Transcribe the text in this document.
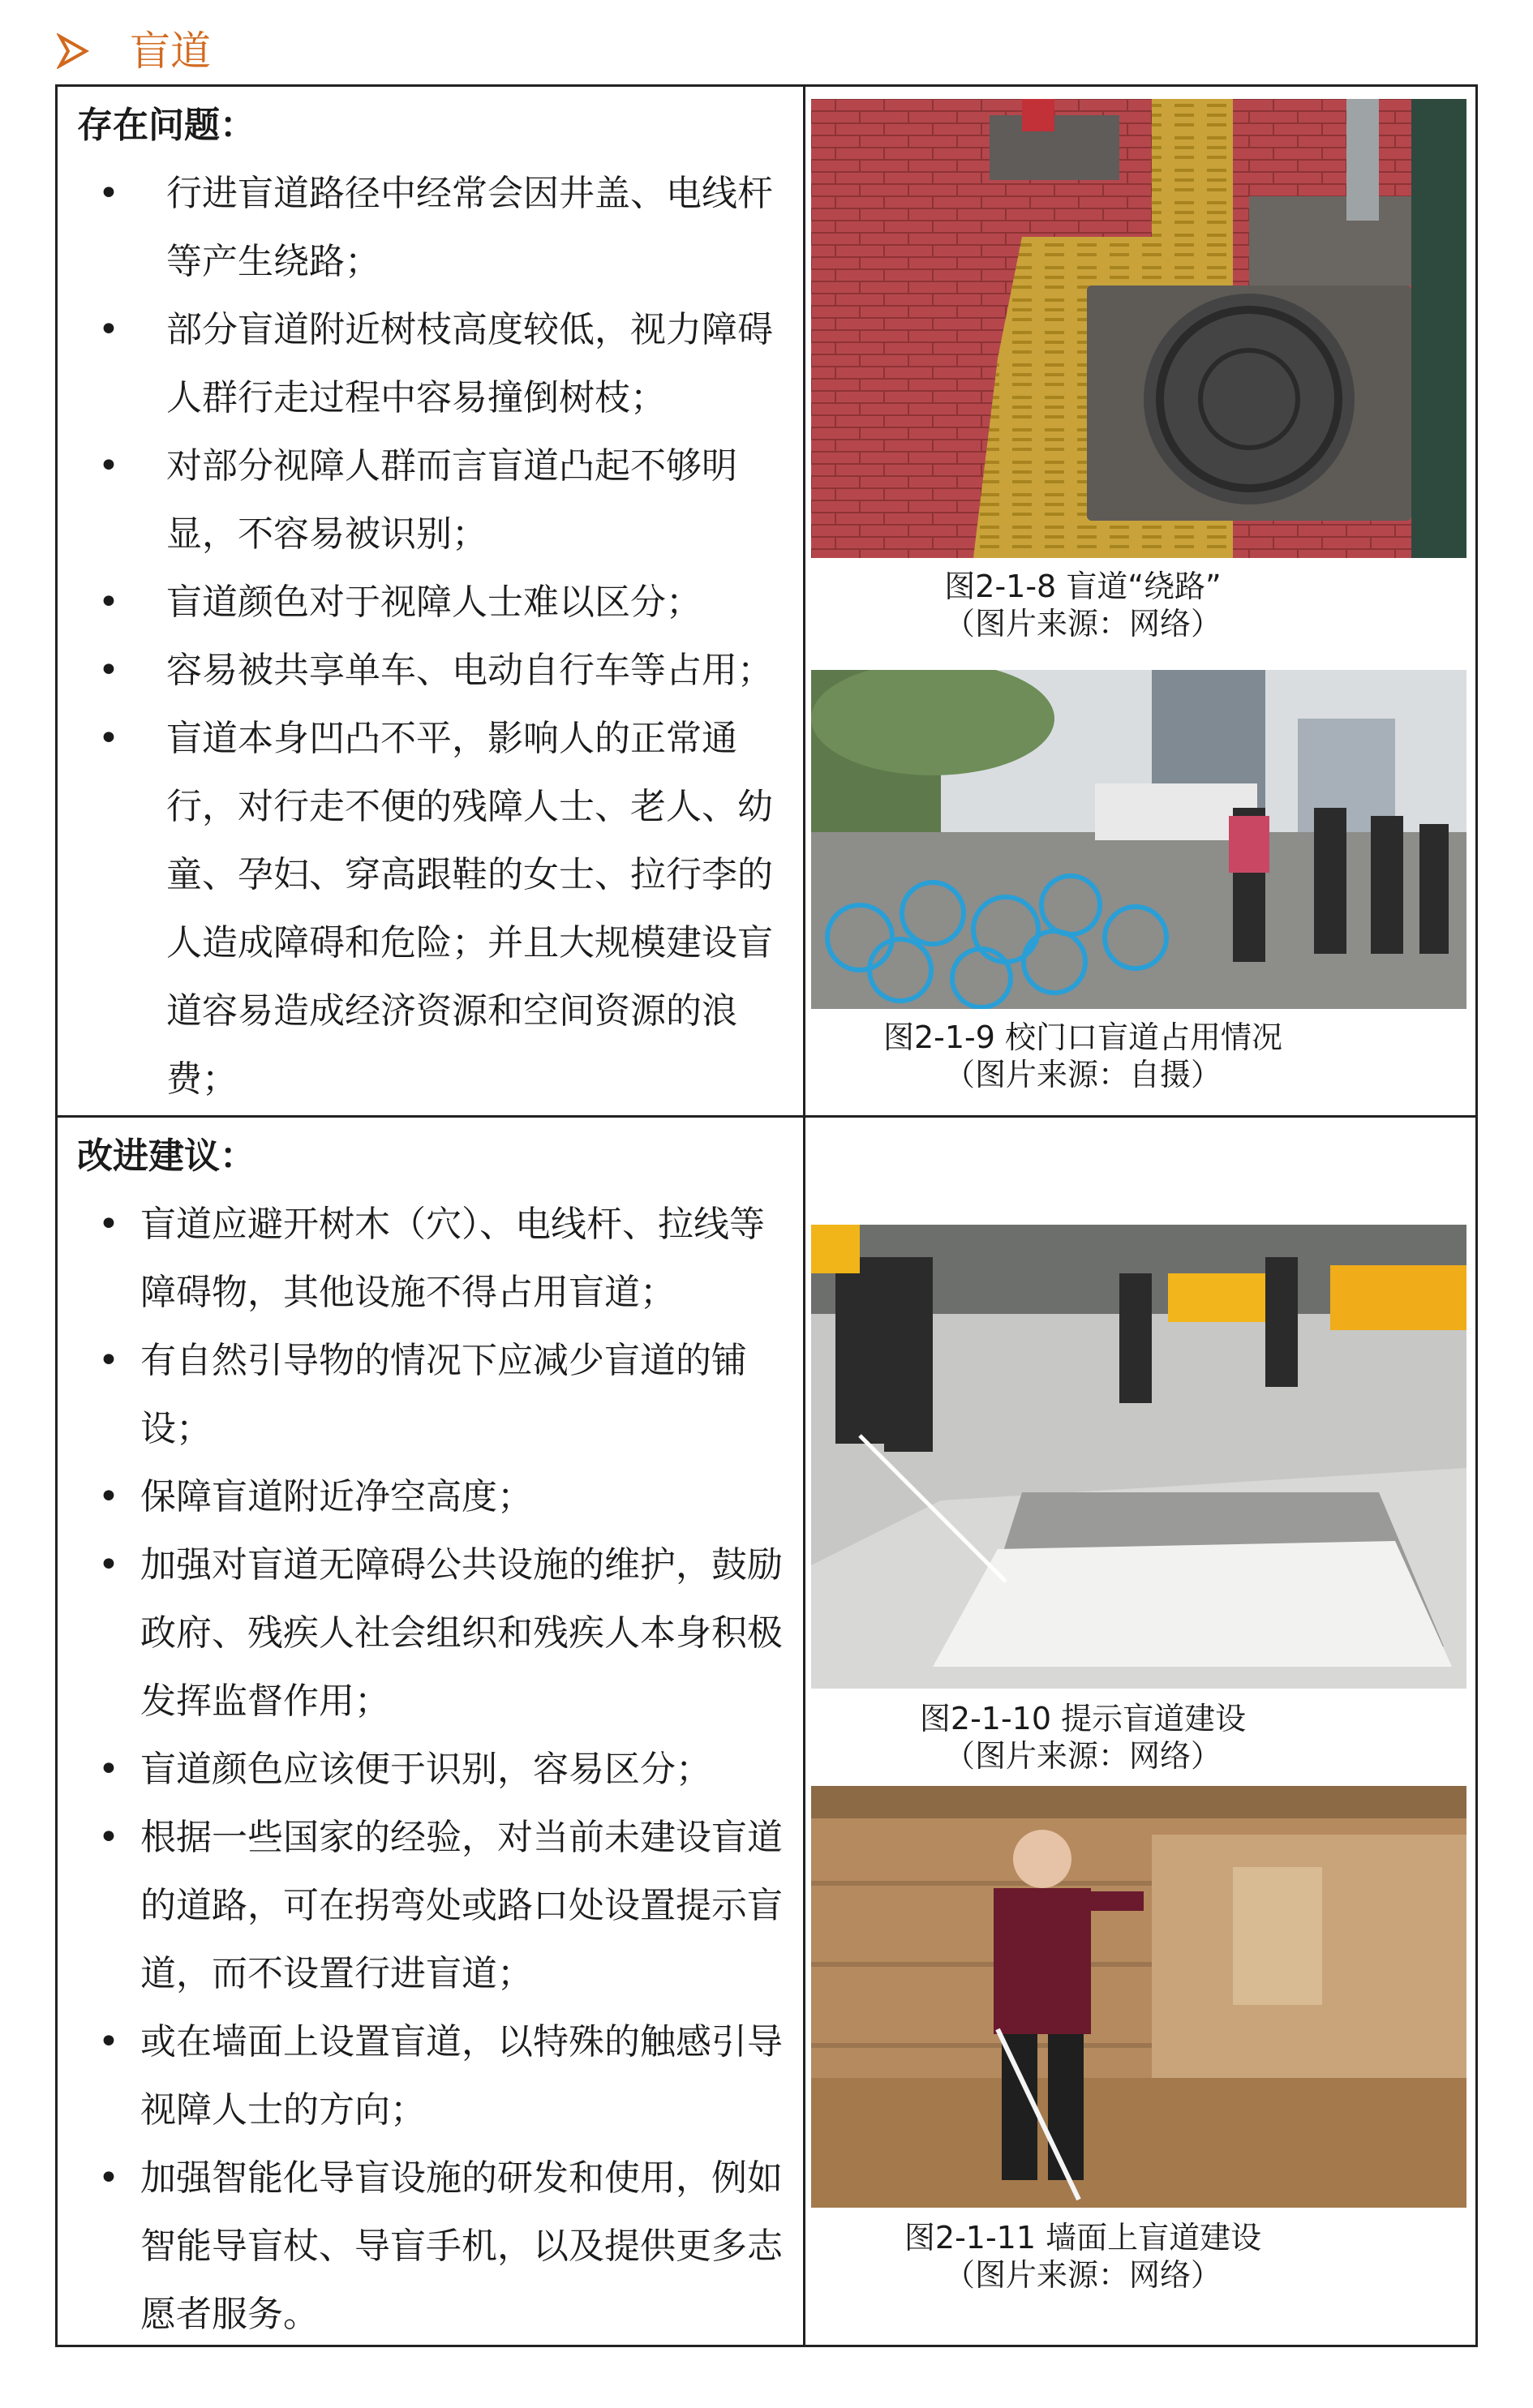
盲道
存在问题：
• 行进盲道路径中经常会因井盖、电线杆等产生绕路；
• 部分盲道附近树枝高度较低，视力障碍人群行走过程中容易撞倒树枝；
• 对部分视障人群而言盲道凸起不够明显，不容易被识别；
• 盲道颜色对于视障人士难以区分；
• 容易被共享单车、电动自行车等占用；
• 盲道本身凹凸不平，影响人的正常通行，对行走不便的残障人士、老人、幼童、孕妇、穿高跟鞋的女士、拉行李的人造成障碍和危险；并且大规模建设盲道容易造成经济资源和空间资源的浪费；
改进建议：
• 盲道应避开树木（穴）、电线杆、拉线等障碍物，其他设施不得占用盲道；
• 有自然引导物的情况下应减少盲道的铺设；
• 保障盲道附近净空高度；
• 加强对盲道无障碍公共设施的维护，鼓励政府、残疾人社会组织和残疾人本身积极发挥监督作用；
• 盲道颜色应该便于识别，容易区分；
• 根据一些国家的经验，对当前未建设盲道的道路，可在拐弯处或路口处设置提示盲道，而不设置行进盲道；
• 或在墙面上设置盲道，以特殊的触感引导视障人士的方向；
• 加强智能化导盲设施的研发和使用，例如智能导盲杖、导盲手机，以及提供更多志愿者服务。
图2-1-8 盲道“绕路”
（图片来源：网络）
图2-1-9 校门口盲道占用情况
（图片来源：自摄）
图2-1-10 提示盲道建设
（图片来源：网络）
图2-1-11 墙面上盲道建设
（图片来源：网络）
